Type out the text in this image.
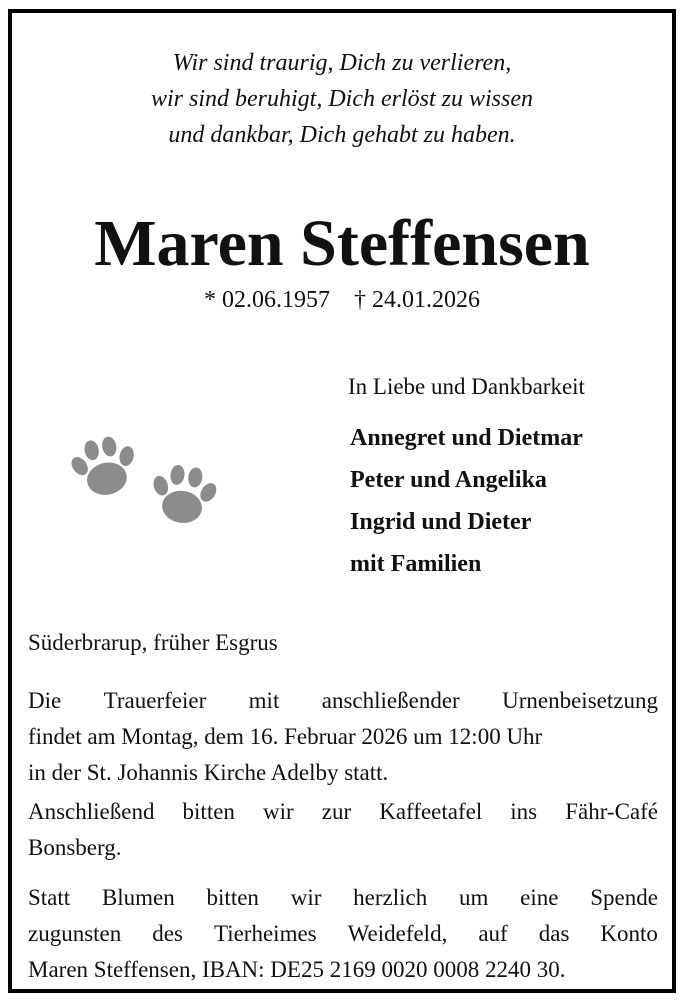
Wir sind traurig, Dich zu verlieren,
wir sind beruhigt, Dich erlöst zu wissen
und dankbar, Dich gehabt zu haben.
Maren Steffensen
* 02.06.1957 † 24.01.2026
In Liebe und Dankbarkeit
Annegret und Dietmar
Peter und Angelika
Ingrid und Dieter
mit Familien
Süderbrarup, früher Esgrus
Die Trauerfeier mit anschließender Urnenbeisetzung
findet am Montag, dem 16. Februar 2026 um 12:00 Uhr
in der St. Johannis Kirche Adelby statt.
Anschließend bitten wir zur Kaffeetafel ins Fähr-Café
Bonsberg.
Statt Blumen bitten wir herzlich um eine Spende
zugunsten des Tierheimes Weidefeld, auf das Konto
Maren Steffensen, IBAN: DE25 2169 0020 0008 2240 30.
